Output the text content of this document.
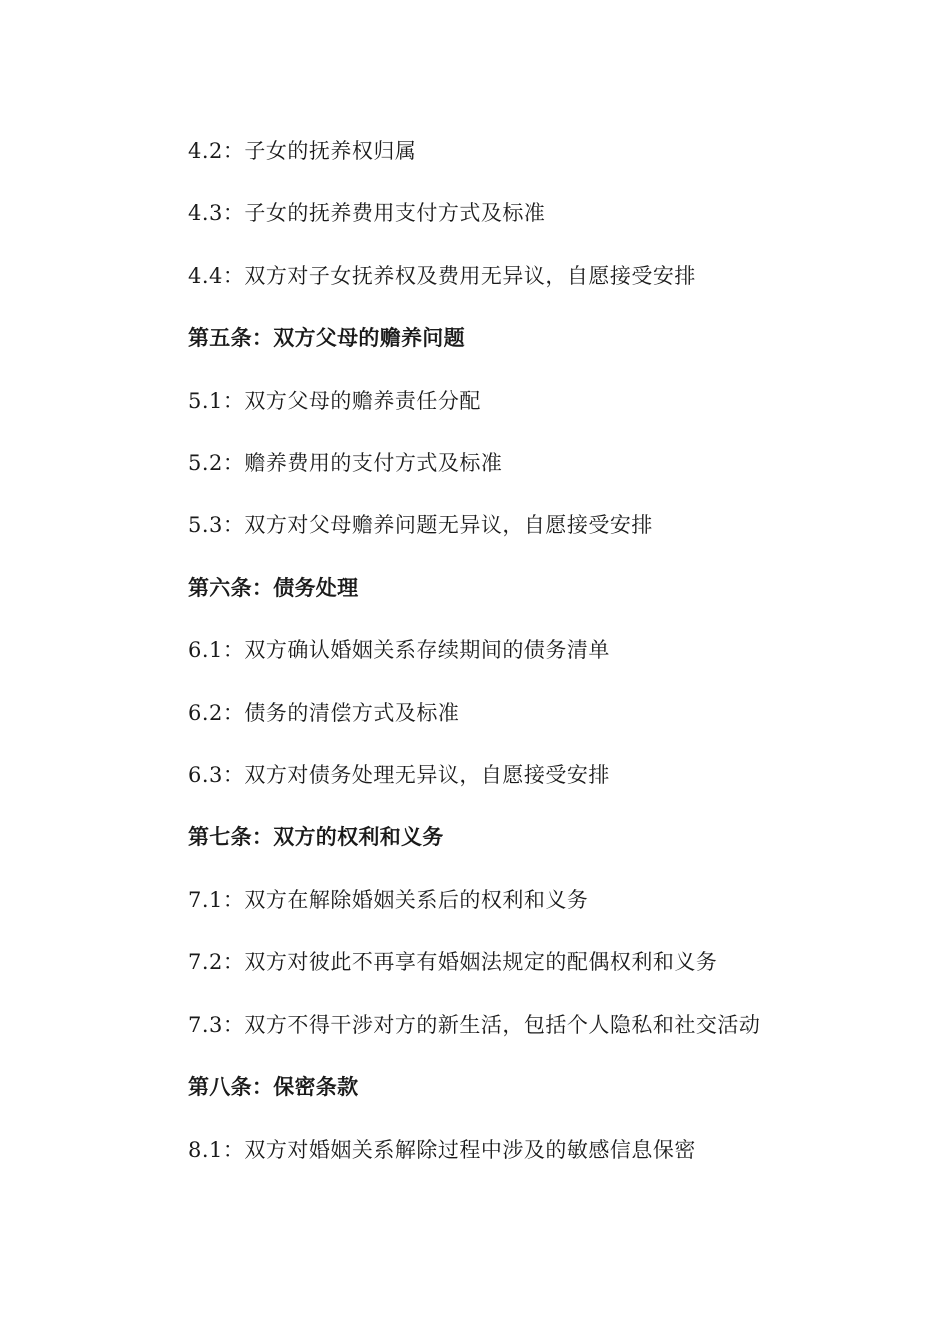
4.2：子女的抚养权归属
4.3：子女的抚养费用支付方式及标准
4.4：双方对子女抚养权及费用无异议，自愿接受安排
第五条：双方父母的赡养问题
5.1：双方父母的赡养责任分配
5.2：赡养费用的支付方式及标准
5.3：双方对父母赡养问题无异议，自愿接受安排
第六条：债务处理
6.1：双方确认婚姻关系存续期间的债务清单
6.2：债务的清偿方式及标准
6.3：双方对债务处理无异议，自愿接受安排
第七条：双方的权利和义务
7.1：双方在解除婚姻关系后的权利和义务
7.2：双方对彼此不再享有婚姻法规定的配偶权利和义务
7.3：双方不得干涉对方的新生活，包括个人隐私和社交活动
第八条：保密条款
8.1：双方对婚姻关系解除过程中涉及的敏感信息保密
